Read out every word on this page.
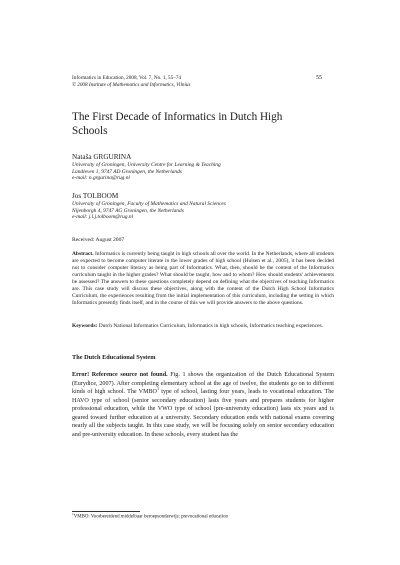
Informatics in Education, 2008, Vol. 7, No. 1, 55–74
© 2008 Institute of Mathematics and Informatics, Vilnius
55
The First Decade of Informatics in Dutch High
Schools
Nataša GRGURINA
University of Groningen, University Centre for Learning & Teaching
Landleven 1, 9747 AD Groningen, the Netherlands
e-mail: n.grgurina@rug.nl
Jos TOLBOOM
University of Groningen, Faculty of Mathematics and Natural Sciences
Nijenborgh 4, 9747 AG Groningen, the Netherlands
e-mail: j.l.j.tolboom@rug.nl
Received: August 2007
Abstract. Informatics is currently being taught in high schools all over the world. In the Netherlands, where all students are expected to become computer literate in the lower grades of high school (Hulsen et al., 2005), it has been decided not to consider computer literacy as being part of Informatics. What, then, should be the content of the Informatics curriculum taught in the higher grades? What should be taught, how and to whom? How should students' achievements be assessed? The answers to these questions completely depend on defining what the objectives of teaching Informatics are. This case study will discuss these objectives, along with the content of the Dutch High School Informatics Curriculum, the experiences resulting from the initial implementation of this curriculum, including the setting in which Informatics presently finds itself, and in the course of this we will provide answers to the above questions.
Keywords: Dutch National Informatics Curriculum, Informatics in high schools, Informatics teaching experiences.
The Dutch Educational System
Error! Reference source not found. Fig. 1 shows the organization of the Dutch Educational System (Eurydice, 2007). After completing elementary school at the age of twelve, the students go on to different kinds of high school. The VMBO$^1$ type of school, lasting four years, leads to vocational education. The HAVO type of school (senior secondary education) lasts five years and prepares students for higher professional education, while the VWO type of school (pre-university education) lasts six years and is geared toward further education at a university. Secondary education ends with national exams covering nearly all the subjects taught. In this case study, we will be focusing solely on senior secondary education and pre-university education. In these schools, every student has the
$^1$VMBO: Voorbereidend middelbaar beroepsonderwijs: prevocational education
